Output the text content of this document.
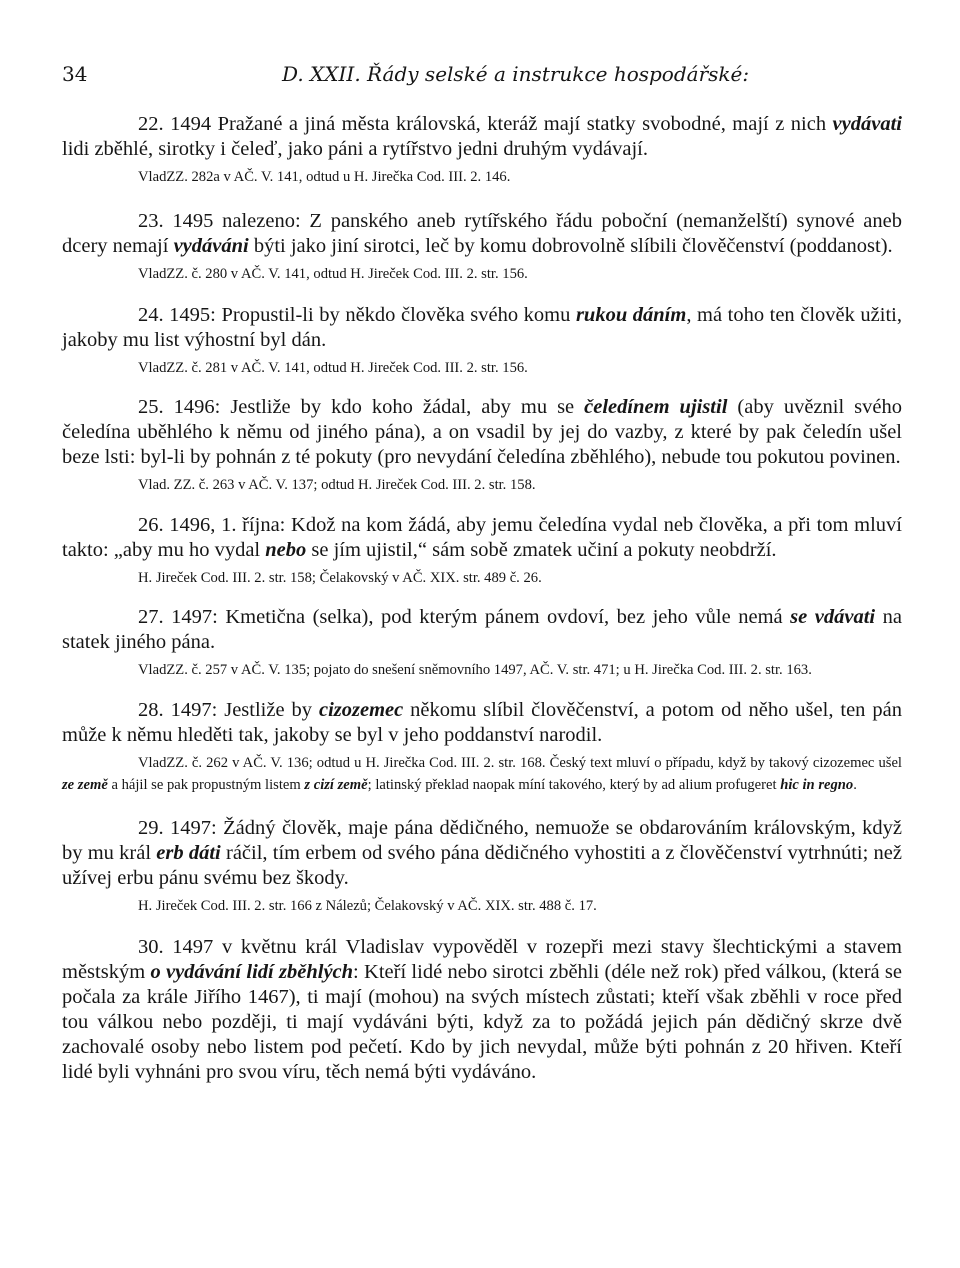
34	D. XXII. Řády selské a instrukce hospodářské:

22. 1494 Pražané a jiná města královská, kteráž mají statky svobodné, mají z nich vydávati lidi zběhlé, sirotky i čeleď, jako páni a rytířstvo jedni druhým vydávají.

VladZZ. 282a v AČ. V. 141, odtud u H. Jirečka Cod. III. 2. 146.

23. 1495 nalezeno: Z panského aneb rytířského řádu poboční (nemanželští) synové aneb dcery nemají vydáváni býti jako jiní sirotci, leč by komu dobrovolně slíbili člověčenství (poddanost).

VladZZ. č. 280 v AČ. V. 141, odtud H. Jireček Cod. III. 2. str. 156.

24. 1495: Propustil-li by někdo člověka svého komu rukou dáním, má toho ten člověk užiti, jakoby mu list výhostní byl dán.

VladZZ. č. 281 v AČ. V. 141, odtud H. Jireček Cod. III. 2. str. 156.

25. 1496: Jestliže by kdo koho žádal, aby mu se čeledínem ujistil (aby uvěznil svého čeledína uběhlého k němu od jiného pána), a on vsadil by jej do vazby, z které by pak čeledín ušel beze lsti: byl-li by pohnán z té pokuty (pro nevydání čeledína zběhlého), nebude tou pokutou povinen.

Vlad. ZZ. č. 263 v AČ. V. 137; odtud H. Jireček Cod. III. 2. str. 158.

26. 1496, 1. října: Kdož na kom žádá, aby jemu čeledína vydal neb člověka, a při tom mluví takto: „aby mu ho vydal nebo se jím ujistil,“ sám sobě zmatek učiní a pokuty neobdrží.

H. Jireček Cod. III. 2. str. 158; Čelakovský v AČ. XIX. str. 489 č. 26.

27. 1497: Kmetična (selka), pod kterým pánem ovdoví, bez jeho vůle nemá se vdávati na statek jiného pána.

VladZZ. č. 257 v AČ. V. 135; pojato do snešení sněmovního 1497, AČ. V. str. 471; u H. Jirečka Cod. III. 2. str. 163.

28. 1497: Jestliže by cizozemec někomu slíbil člověčenství, a potom od něho ušel, ten pán může k němu hleděti tak, jakoby se byl v jeho poddanství narodil.

VladZZ. č. 262 v AČ. V. 136; odtud u H. Jirečka Cod. III. 2. str. 168. Český text mluví o případu, když by takový cizozemec ušel ze země a hájil se pak propustným listem z cizí země; latinský překlad naopak míní takového, který by ad alium profugeret hic in regno.

29. 1497: Žádný člověk, maje pána dědičného, nemuože se obdarováním královským, když by mu král erb dáti ráčil, tím erbem od svého pána dědičného vyhostiti a z člověčenství vytrhnúti; než užívej erbu pánu svému bez škody.

H. Jireček Cod. III. 2. str. 166 z Nálezů; Čelakovský v AČ. XIX. str. 488 č. 17.

30. 1497 v květnu král Vladislav vypověděl v rozepři mezi stavy šlechtickými a stavem městským o vydávání lidí zběhlých: Kteří lidé nebo sirotci zběhli (déle než rok) před válkou, (která se počala za krále Jiřího 1467), ti mají (mohou) na svých místech zůstati; kteří však zběhli v roce před tou válkou nebo později, ti mají vydáváni býti, když za to požádá jejich pán dědičný skrze dvě zachovalé osoby nebo listem pod pečetí. Kdo by jich nevydal, může býti pohnán z 20 hřiven. Kteří lidé byli vyhnáni pro svou víru, těch nemá býti vydáváno.
